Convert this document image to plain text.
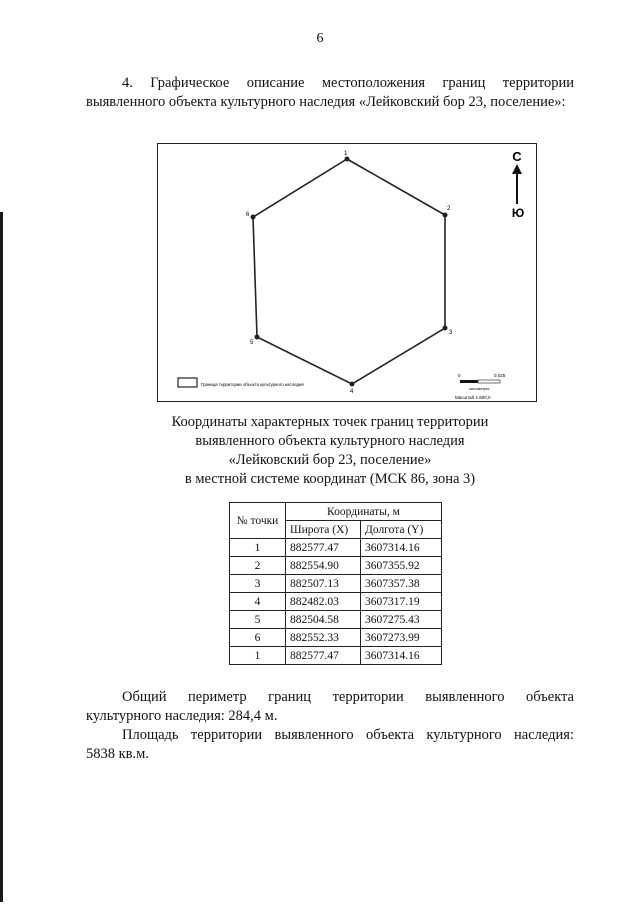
6
4. Графическое описание местоположения границ территории выявленного объекта культурного наследия «Лейковский бор 23, поселение»:
1
2
3
4
5
6
С
Ю
Граница территории объекта культурного наследия
0	0,025
километры
Масштаб 1:600,0
Координаты характерных точек границ территории
выявленного объекта культурного наследия
«Лейковский бор 23, поселение»
в местной системе координат (МСК 86, зона 3)
№ точки	Координаты, м	
	Широта (X)	Долгота (Y)
1	882577.47	3607314.16
2	882554.90	3607355.92
3	882507.13	3607357.38
4	882482.03	3607317.19
5	882504.58	3607275.43
6	882552.33	3607273.99
1	882577.47	3607314.16

Общий периметр границ территории выявленного объекта

культурного наследия: 284,4 м.

Площадь территории выявленного объекта культурного наследия:

5838 кв.м.
